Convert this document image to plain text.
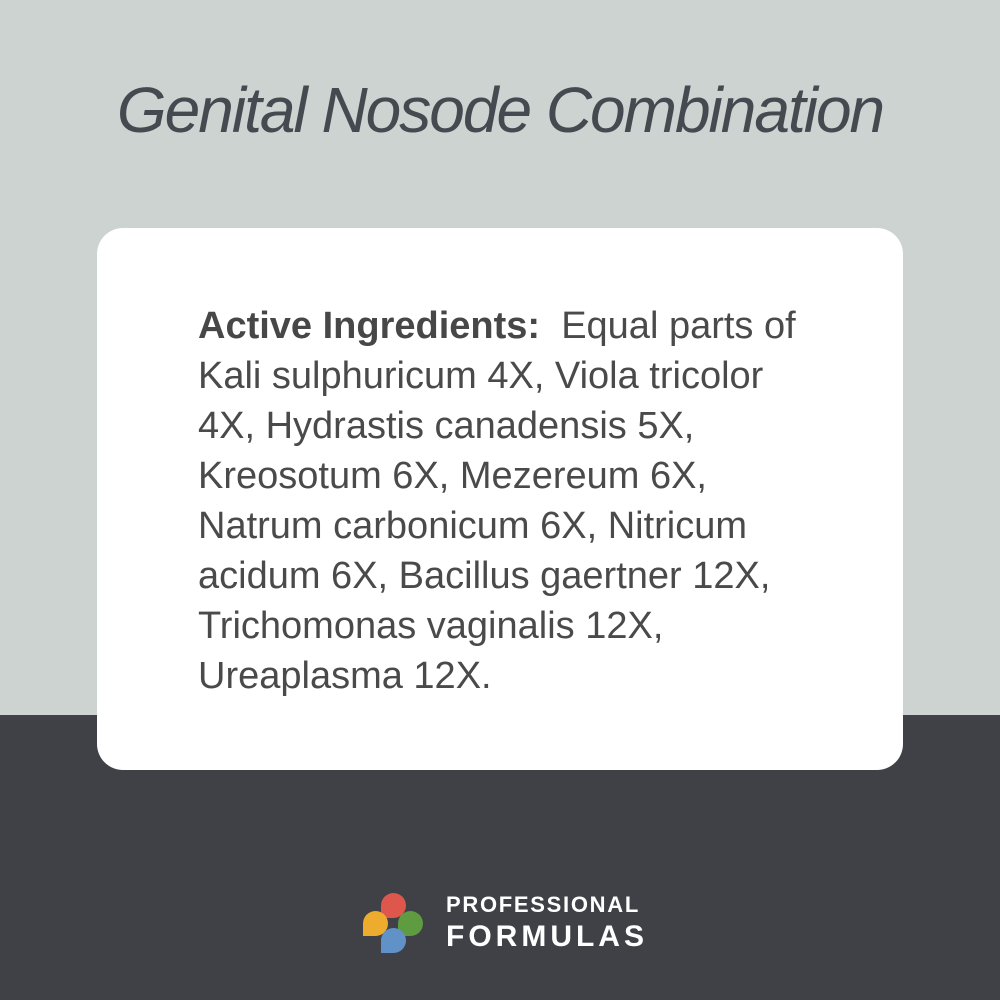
Genital Nosode Combination
Active Ingredients:  Equal parts of
Kali sulphuricum 4X, Viola tricolor
4X, Hydrastis canadensis 5X,
Kreosotum 6X, Mezereum 6X,
Natrum carbonicum 6X, Nitricum
acidum 6X, Bacillus gaertner 12X,
Trichomonas vaginalis 12X,
Ureaplasma 12X.
PROFESSIONAL
FORMULAS
